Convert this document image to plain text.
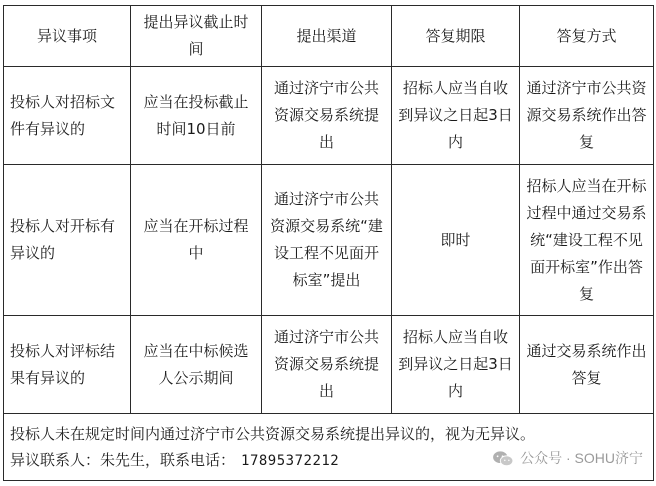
异议事项	提出异议截止时间	提出渠道	答复期限	答复方式
投标人对招标文件有异议的	应当在投标截止时间10日前	通过济宁市公共资源交易系统提出	招标人应当自收到异议之日起3日内	通过济宁市公共资源交易系统作出答复
投标人对开标有异议的	应当在开标过程中	通过济宁市公共资源交易系统“建设工程不见面开标室”提出	即时	招标人应当在开标过程中通过交易系统“建设工程不见面开标室”作出答复
投标人对评标结果有异议的	应当在中标候选人公示期间	通过济宁市公共资源交易系统提出	招标人应当自收到异议之日起3日内	通过交易系统作出答复

投标人未在规定时间内通过济宁市公共资源交易系统提出异议的，视为无异议。
异议联系人：朱先生，联系电话： 17895372212 公众号 · SOHU济宁				
